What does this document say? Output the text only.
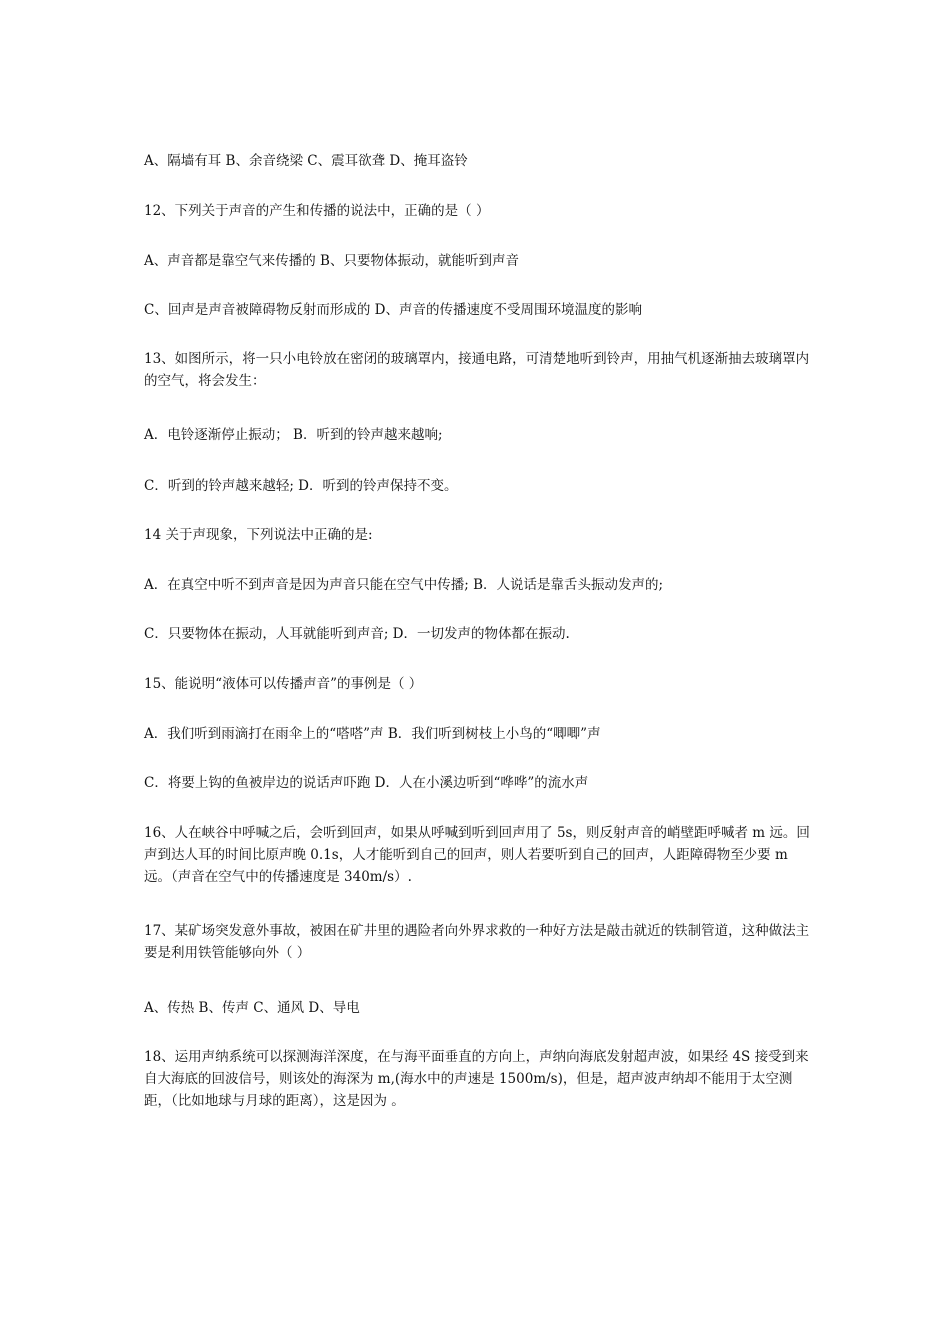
A、隔墙有耳 B、余音绕梁 C、震耳欲聋 D、掩耳盗铃

12、下列关于声音的产生和传播的说法中，正确的是（ ）

A、声音都是靠空气来传播的 B、只要物体振动，就能听到声音

C、回声是声音被障碍物反射而形成的 D、声音的传播速度不受周围环境温度的影响

13、如图所示，将一只小电铃放在密闭的玻璃罩内，接通电路，可清楚地听到铃声，用抽气机逐渐抽去玻璃罩内的空气，将会发生：

A．电铃逐渐停止振动； B．听到的铃声越来越响;

C．听到的铃声越来越轻; D．听到的铃声保持不变。

14 关于声现象，下列说法中正确的是:

A．在真空中听不到声音是因为声音只能在空气中传播; B．人说话是靠舌头振动发声的;

C．只要物体在振动，人耳就能听到声音; D．一切发声的物体都在振动.

15、能说明“液体可以传播声音”的事例是（ ）

A．我们听到雨滴打在雨伞上的“嗒嗒”声 B．我们听到树枝上小鸟的“唧唧”声

C．将要上钩的鱼被岸边的说话声吓跑 D．人在小溪边听到“哗哗”的流水声

16、人在峡谷中呼喊之后，会听到回声，如果从呼喊到听到回声用了 5s，则反射声音的峭壁距呼喊者 m 远。回声到达人耳的时间比原声晚 0.1s，人才能听到自己的回声，则人若要听到自己的回声，人距障碍物至少要 m 远。（声音在空气中的传播速度是 340m/s）.

17、某矿场突发意外事故，被困在矿井里的遇险者向外界求救的一种好方法是敲击就近的铁制管道，这种做法主要是利用铁管能够向外（ ）

A、传热 B、传声 C、通风 D、导电

18、运用声纳系统可以探测海洋深度，在与海平面垂直的方向上，声纳向海底发射超声波，如果经 4S 接受到来自大海底的回波信号，则该处的海深为 m,(海水中的声速是 1500m/s)，但是，超声波声纳却不能用于太空测距，（比如地球与月球的距离），这是因为 。
